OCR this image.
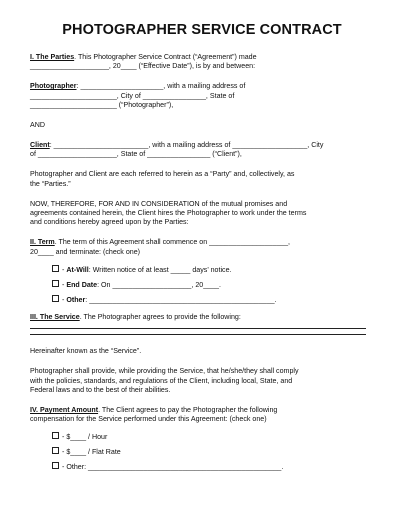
PHOTOGRAPHER SERVICE CONTRACT
I. The Parties. This Photographer Service Contract (“Agreement”) made
____________________, 20____ (“Effective Date”), is by and between:
Photographer: _____________________, with a mailing address of
______________________, City of ________________, State of
______________________ (“Photographer”),
AND
Client: ________________________, with a mailing address of ___________________, City
of ____________________, State of ________________ (“Client”),
Photographer and Client are each referred to herein as a “Party” and, collectively, as
the “Parties.”
NOW, THEREFORE, FOR AND IN CONSIDERATION of the mutual promises and
agreements contained herein, the Client hires the Photographer to work under the terms
and conditions hereby agreed upon by the Parties:
II. Term. The term of this Agreement shall commence on ____________________,
20____ and terminate: (check one)
- At-Will: Written notice of at least _____ days’ notice.
- End Date: On ____________________, 20____.
- Other: _______________________________________________.
III. The Service. The Photographer agrees to provide the following:
Hereinafter known as the “Service”.
Photographer shall provide, while providing the Service, that he/she/they shall comply
with the policies, standards, and regulations of the Client, including local, State, and
Federal laws and to the best of their abilities.
IV. Payment Amount. The Client agrees to pay the Photographer the following
compensation for the Service performed under this Agreement: (check one)
- $____ / Hour
- $____ / Flat Rate
- Other: _________________________________________________.
